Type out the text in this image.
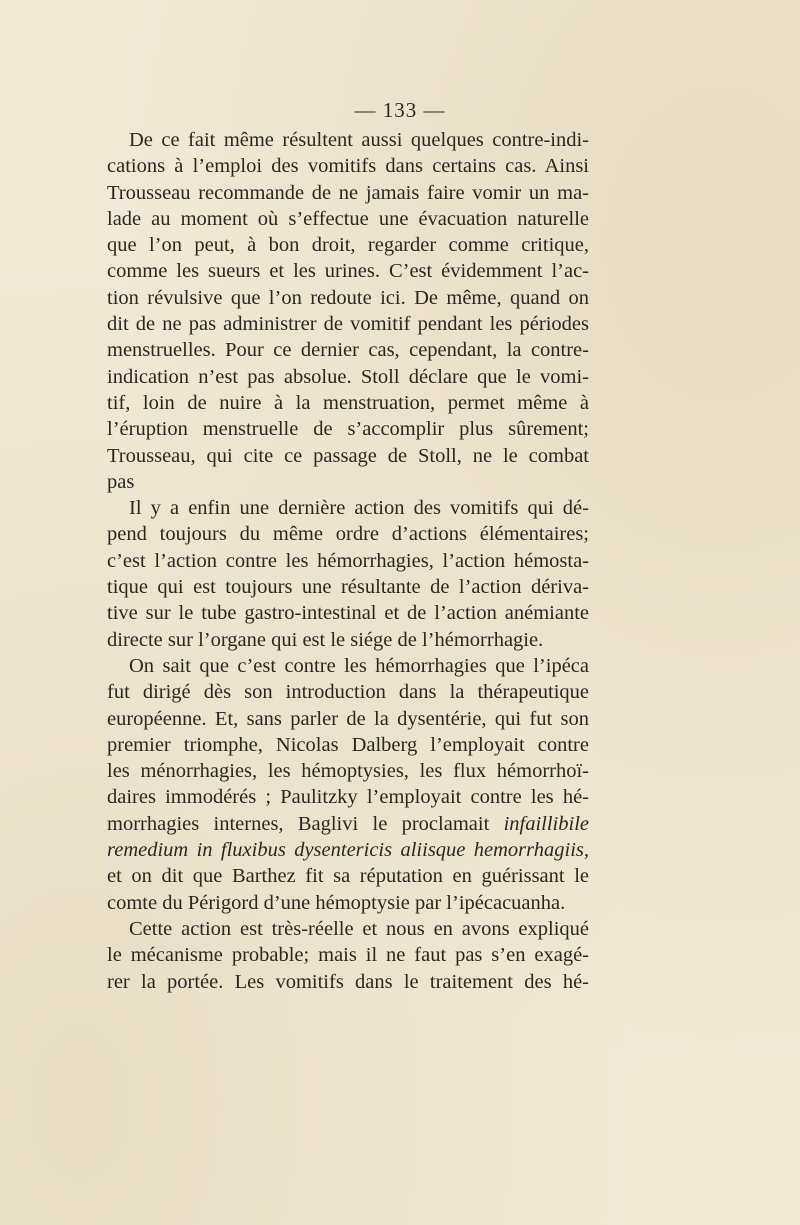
— 133 —
De ce fait même résultent aussi quelques contre-indi-
cations à l’emploi des vomitifs dans certains cas. Ainsi
Trousseau recommande de ne jamais faire vomir un ma-
lade au moment où s’effectue une évacuation naturelle
que l’on peut, à bon droit, regarder comme critique,
comme les sueurs et les urines. C’est évidemment l’ac-
tion révulsive que l’on redoute ici. De même, quand on
dit de ne pas administrer de vomitif pendant les périodes
menstruelles. Pour ce dernier cas, cependant, la contre-
indication n’est pas absolue. Stoll déclare que le vomi-
tif, loin de nuire à la menstruation, permet même à
l’éruption menstruelle de s’accomplir plus sûrement;
Trousseau, qui cite ce passage de Stoll, ne le combat
pas
Il y a enfin une dernière action des vomitifs qui dé-
pend toujours du même ordre d’actions élémentaires;
c’est l’action contre les hémorrhagies, l’action hémosta-
tique qui est toujours une résultante de l’action dériva-
tive sur le tube gastro-intestinal et de l’action anémiante
directe sur l’organe qui est le siége de l’hémorrhagie.
On sait que c’est contre les hémorrhagies que l’ipéca
fut dirigé dès son introduction dans la thérapeutique
européenne. Et, sans parler de la dysentérie, qui fut son
premier triomphe, Nicolas Dalberg l’employait contre
les ménorrhagies, les hémoptysies, les flux hémorrhoï-
daires immodérés ; Paulitzky l’employait contre les hé-
morrhagies internes, Baglivi le proclamait infaillibile
remedium in fluxibus dysentericis aliisque hemorrhagiis,
et on dit que Barthez fit sa réputation en guérissant le
comte du Périgord d’une hémoptysie par l’ipécacuanha.
Cette action est très-réelle et nous en avons expliqué
le mécanisme probable; mais il ne faut pas s’en exagé-
rer la portée. Les vomitifs dans le traitement des hé-
